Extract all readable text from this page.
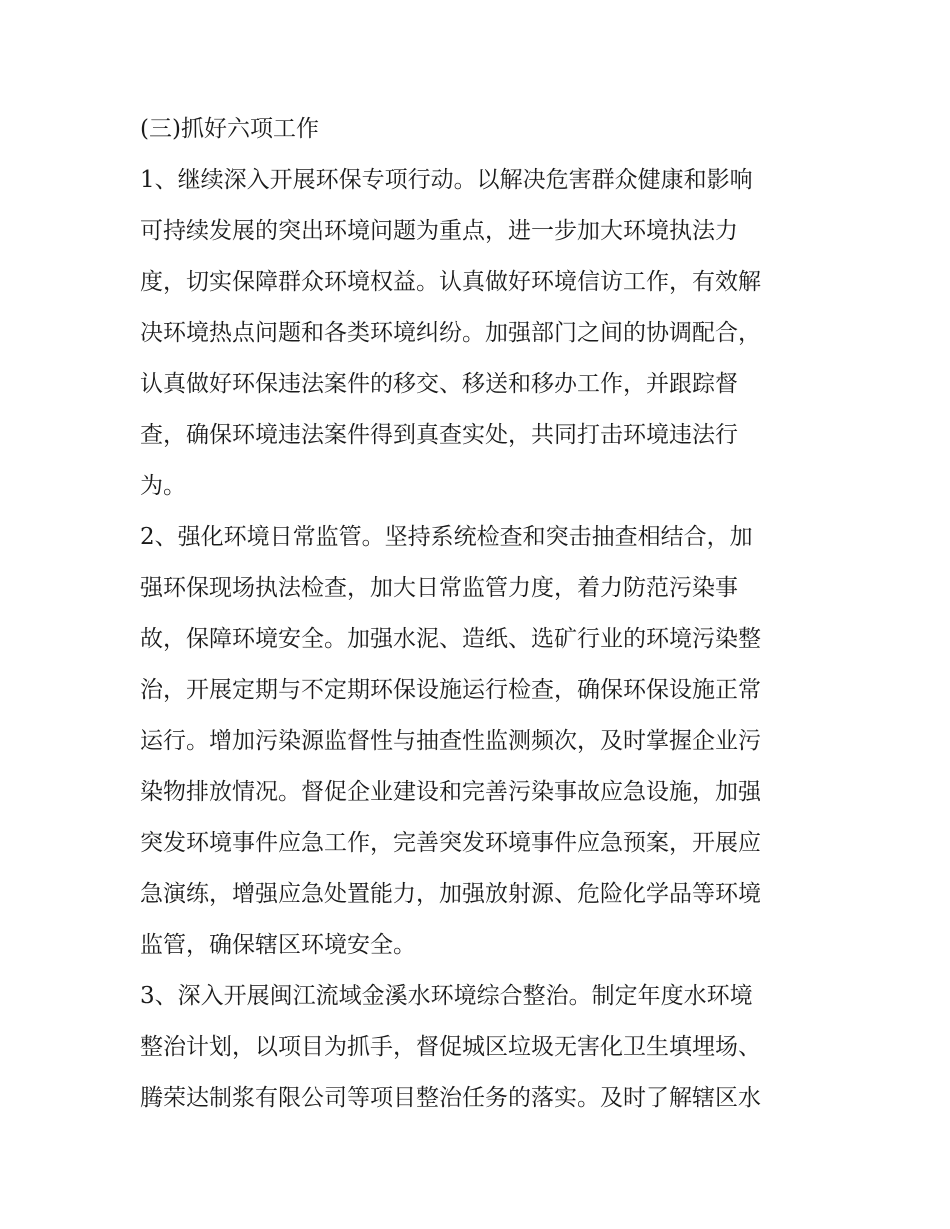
(三)抓好六项工作
1、继续深入开展环保专项行动。以解决危害群众健康和影响
可持续发展的突出环境问题为重点，进一步加大环境执法力
度，切实保障群众环境权益。认真做好环境信访工作，有效解
决环境热点问题和各类环境纠纷。加强部门之间的协调配合，
认真做好环保违法案件的移交、移送和移办工作，并跟踪督
查，确保环境违法案件得到真查实处，共同打击环境违法行
为。
2、强化环境日常监管。坚持系统检查和突击抽查相结合，加
强环保现场执法检查，加大日常监管力度，着力防范污染事
故，保障环境安全。加强水泥、造纸、选矿行业的环境污染整
治，开展定期与不定期环保设施运行检查，确保环保设施正常
运行。增加污染源监督性与抽查性监测频次，及时掌握企业污
染物排放情况。督促企业建设和完善污染事故应急设施，加强
突发环境事件应急工作，完善突发环境事件应急预案，开展应
急演练，增强应急处置能力，加强放射源、危险化学品等环境
监管，确保辖区环境安全。
3、深入开展闽江流域金溪水环境综合整治。制定年度水环境
整治计划，以项目为抓手，督促城区垃圾无害化卫生填埋场、
腾荣达制浆有限公司等项目整治任务的落实。及时了解辖区水
